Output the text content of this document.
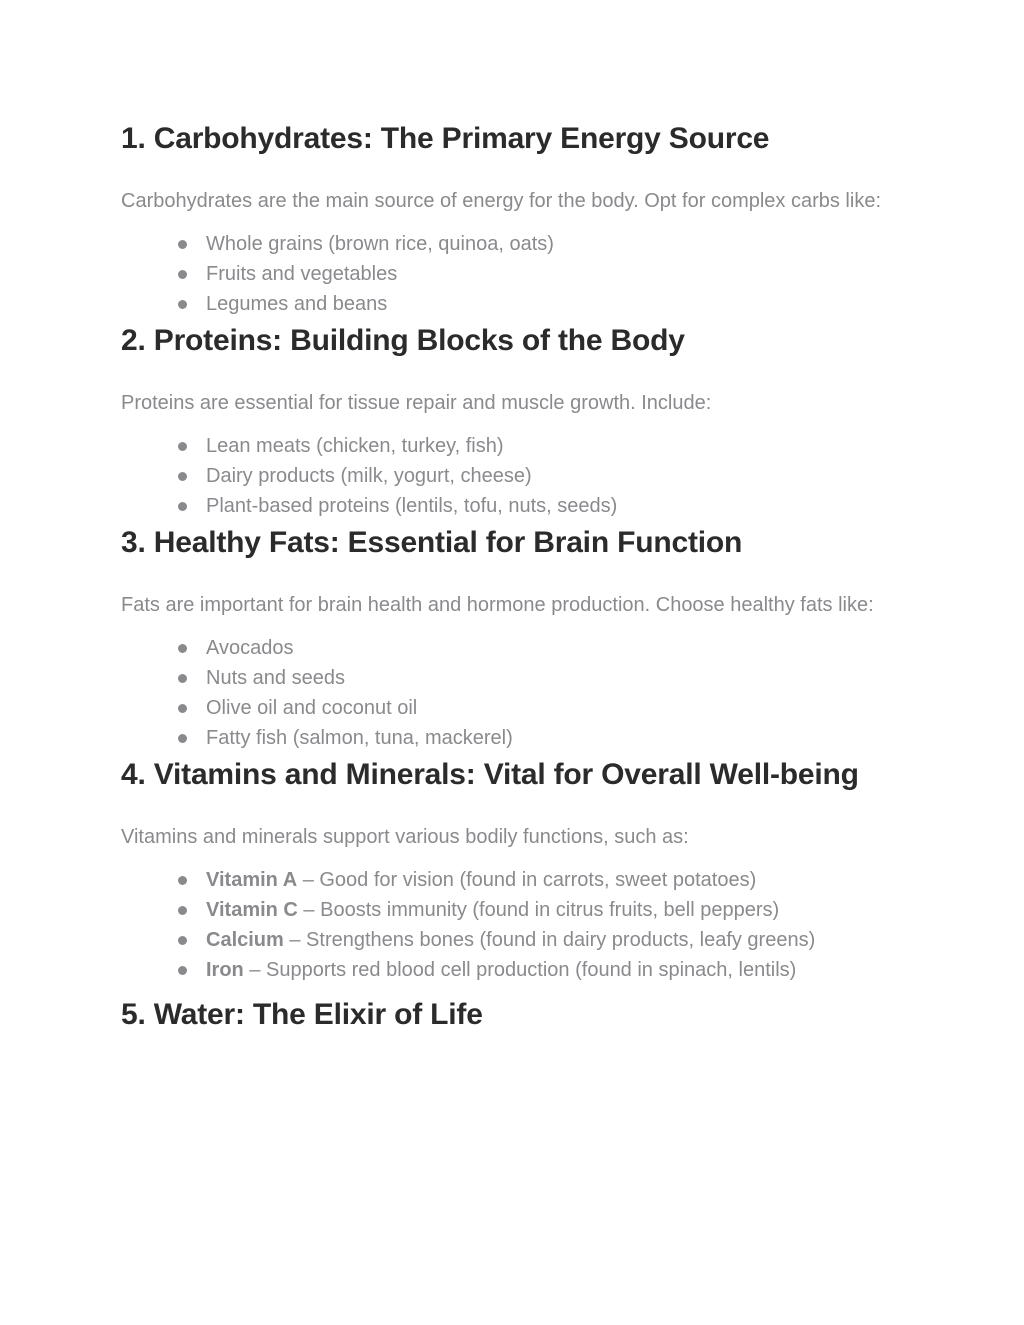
1. Carbohydrates: The Primary Energy Source

Carbohydrates are the main source of energy for the body. Opt for complex carbs like:

Whole grains (brown rice, quinoa, oats)
Fruits and vegetables
Legumes and beans
2. Proteins: Building Blocks of the Body

Proteins are essential for tissue repair and muscle growth. Include:

Lean meats (chicken, turkey, fish)
Dairy products (milk, yogurt, cheese)
Plant-based proteins (lentils, tofu, nuts, seeds)
3. Healthy Fats: Essential for Brain Function

Fats are important for brain health and hormone production. Choose healthy fats like:

Avocados
Nuts and seeds
Olive oil and coconut oil
Fatty fish (salmon, tuna, mackerel)
4. Vitamins and Minerals: Vital for Overall Well-being

Vitamins and minerals support various bodily functions, such as:

Vitamin A – Good for vision (found in carrots, sweet potatoes)
Vitamin C – Boosts immunity (found in citrus fruits, bell peppers)
Calcium – Strengthens bones (found in dairy products, leafy greens)
Iron – Supports red blood cell production (found in spinach, lentils)
5. Water: The Elixir of Life
